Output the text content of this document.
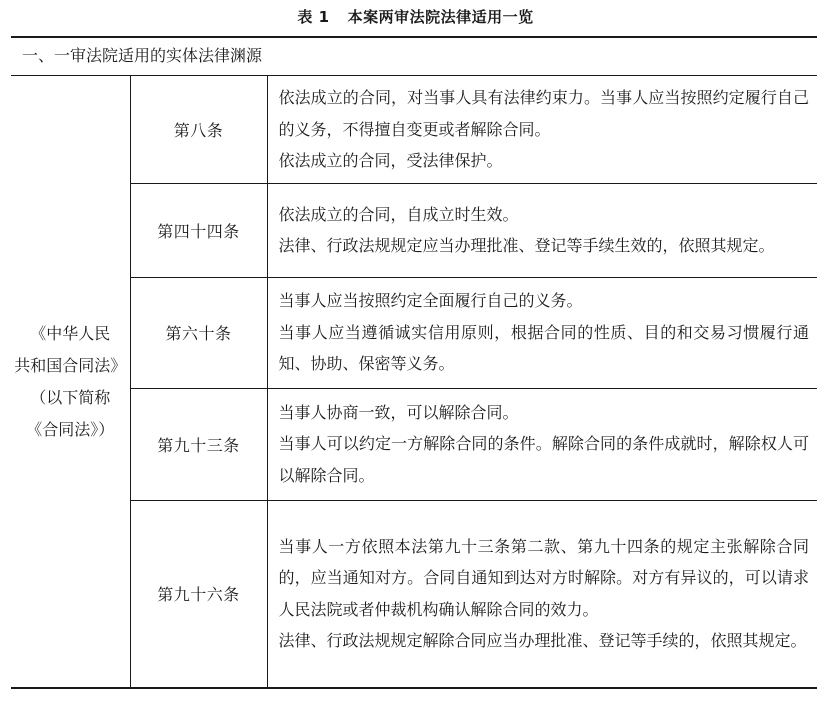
表 1 本案两审法院法律适用一览
一、一审法院适用的实体法律渊源
《中华人民
共和国合同法》
（以下简称
《合同法》）	第八条	依法成立的合同，对当事人具有法律约束力。当事人应当按照约定履行自己的义务，不得擅自变更或者解除合同。
依法成立的合同，受法律保护。

	第四十四条	依法成立的合同，自成立时生效。
法律、行政法规规定应当办理批准、登记等手续生效的，依照其规定。

	第六十条	当事人应当按照约定全面履行自己的义务。
当事人应当遵循诚实信用原则，根据合同的性质、目的和交易习惯履行通知、协助、保密等义务。

	第九十三条	当事人协商一致，可以解除合同。
当事人可以约定一方解除合同的条件。解除合同的条件成就时，解除权人可以解除合同。

	第九十六条	当事人一方依照本法第九十三条第二款、第九十四条的规定主张解除合同的，应当通知对方。合同自通知到达对方时解除。对方有异议的，可以请求人民法院或者仲裁机构确认解除合同的效力。
法律、行政法规规定解除合同应当办理批准、登记等手续的，依照其规定。
